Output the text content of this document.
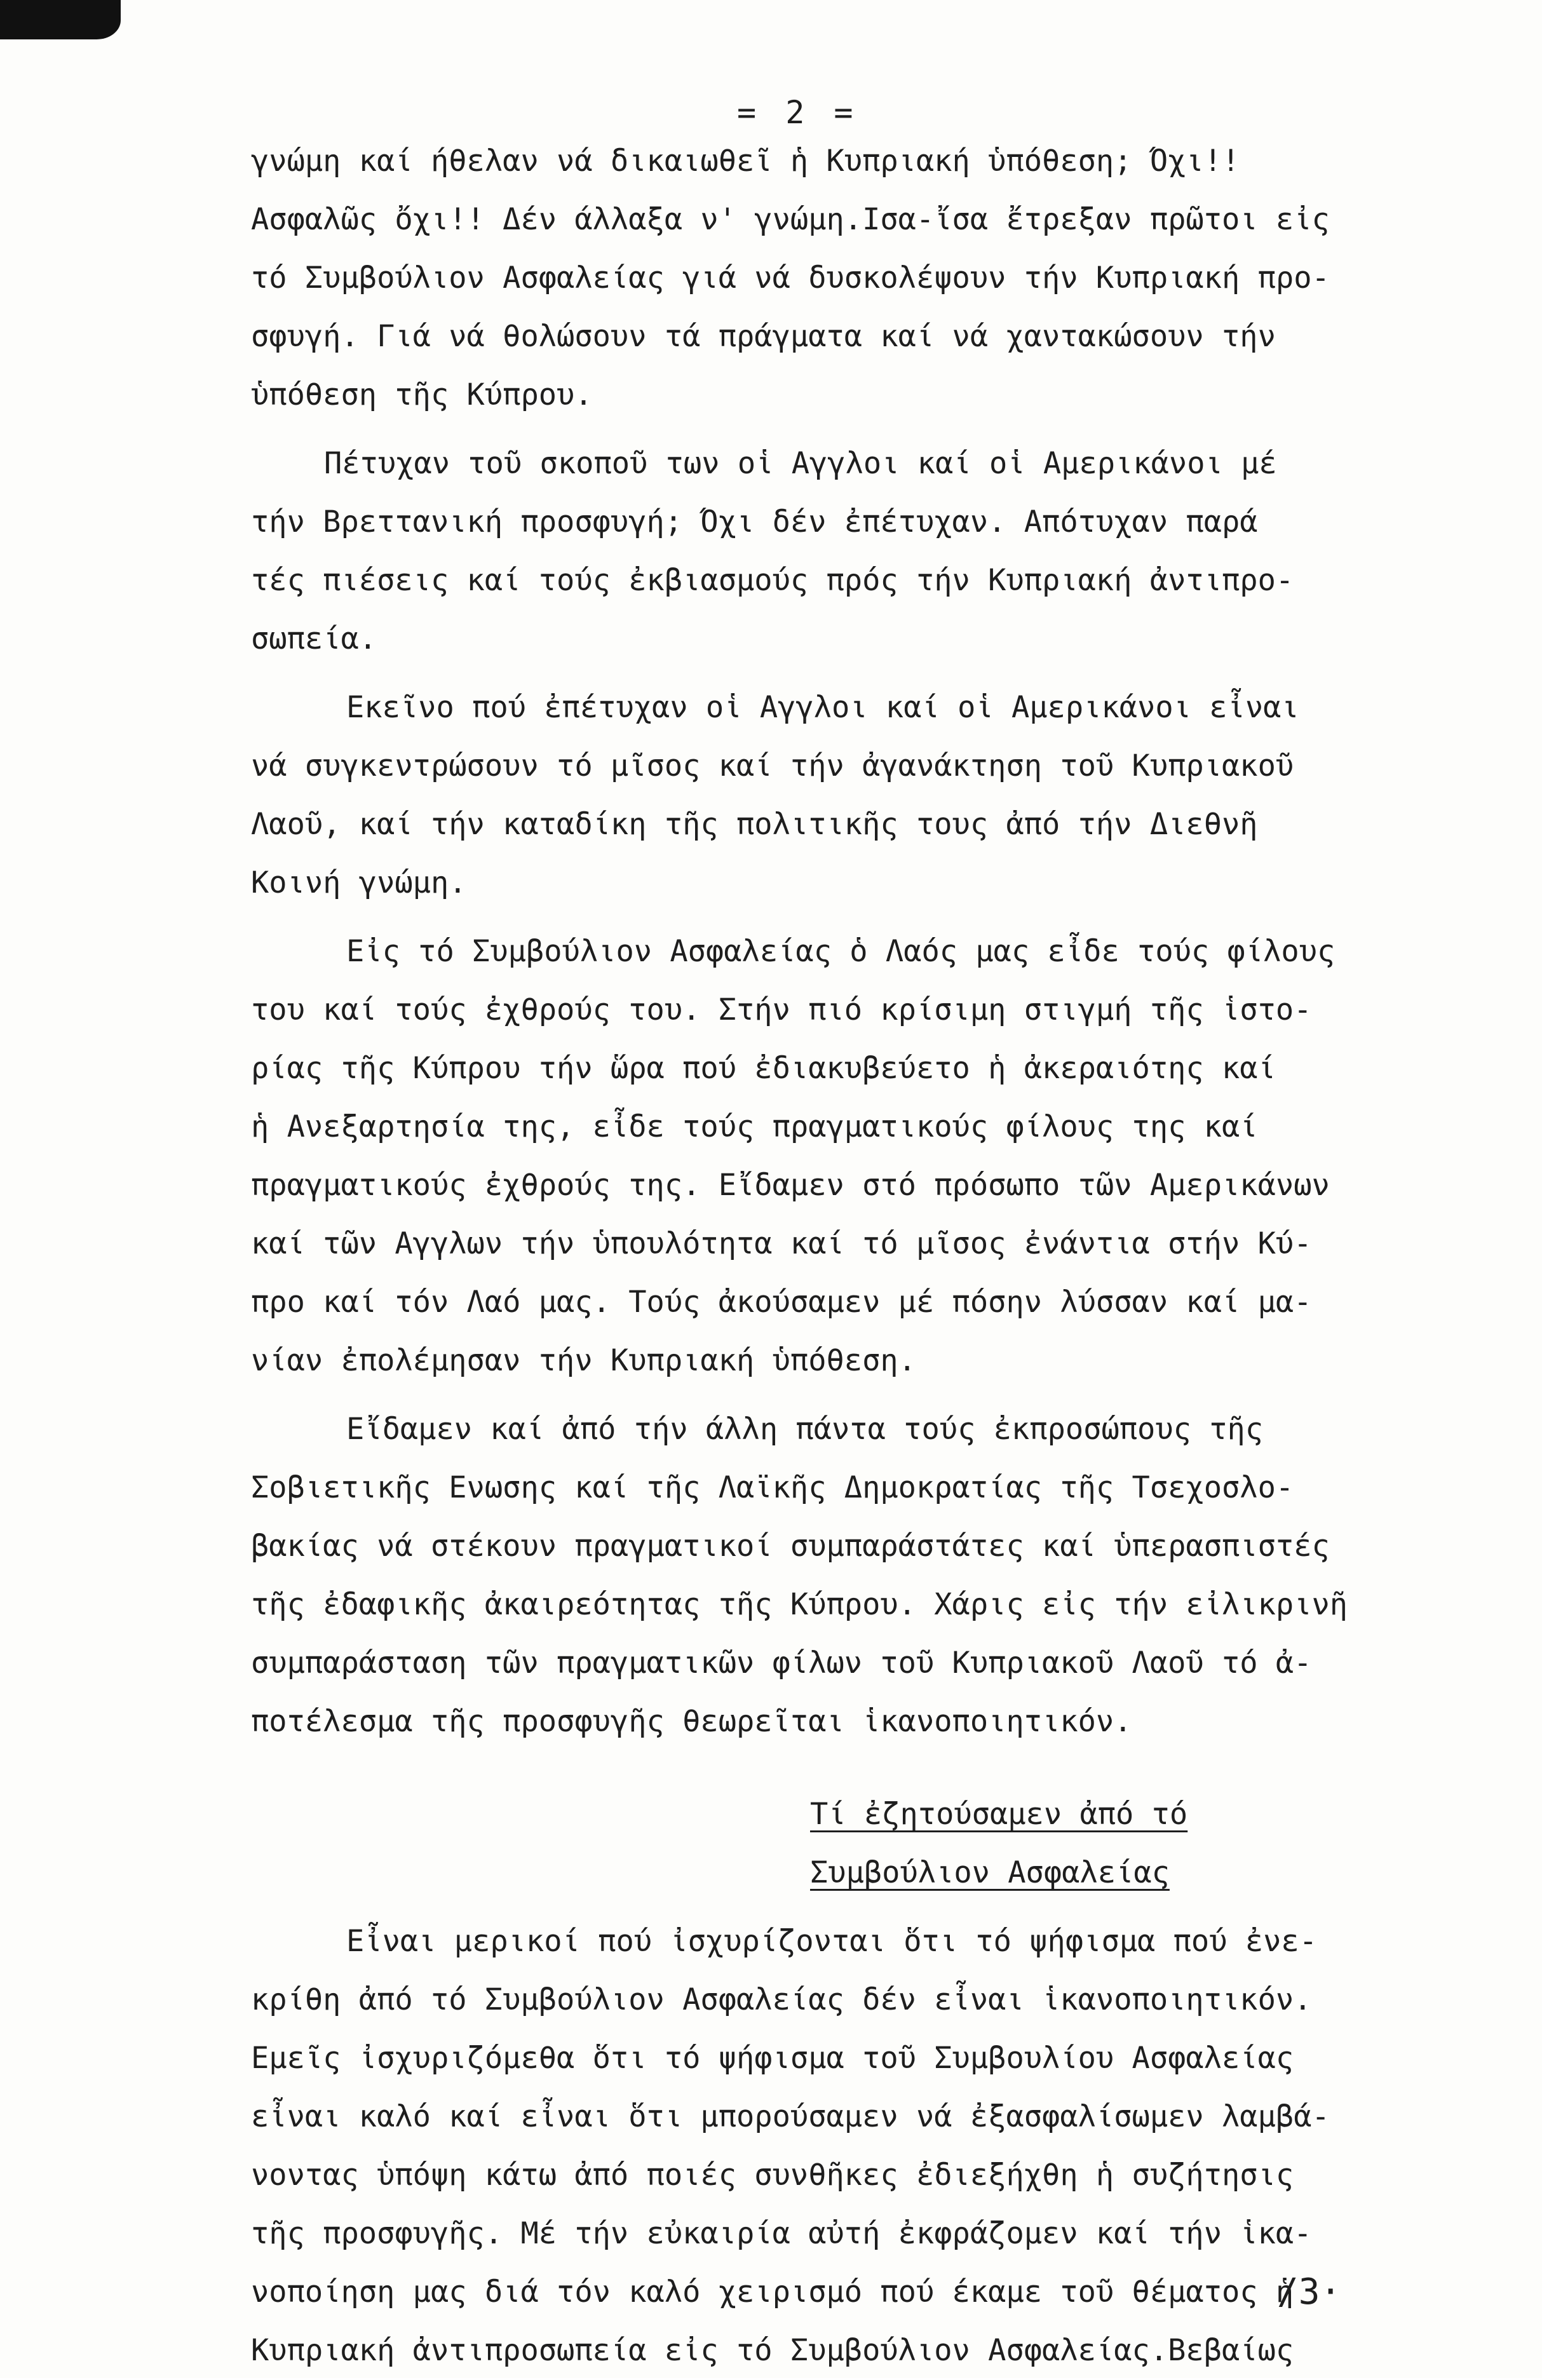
= 2 =
γνώμη καί ήθελαν νά δικαιωθεῖ ἡ Κυπριακή ὑπόθεση; Όχι!!
Ασφαλῶς ὄχι!! Δέν άλλαξα ν' γνώμη.Ισα-ἴσα ἔτρεξαν πρῶτοι εἰς
τό Συμβούλιον Ασφαλείας γιά νά δυσκολέψουν τήν Κυπριακή προ-
σφυγή. Γιά νά θολώσουν τά πράγματα καί νά χαντακώσουν τήν
ὑπόθεση τῆς Κύπρου.
Πέτυχαν τοῦ σκοποῦ των οἱ Αγγλοι καί οἱ Αμερικάνοι μέ
τήν Βρεττανική προσφυγή; Όχι δέν ἐπέτυχαν. Απότυχαν παρά
τές πιέσεις καί τούς ἐκβιασμούς πρός τήν Κυπριακή ἀντιπρο-
σωπεία.
Εκεῖνο πού ἐπέτυχαν οἱ Αγγλοι καί οἱ Αμερικάνοι εἶναι
νά συγκεντρώσουν τό μῖσος καί τήν ἀγανάκτηση τοῦ Κυπριακοῦ
Λαοῦ, καί τήν καταδίκη τῆς πολιτικῆς τους ἀπό τήν Διεθνῆ
Κοινή γνώμη.
Εἰς τό Συμβούλιον Ασφαλείας ὁ Λαός μας εἶδε τούς φίλους
του καί τούς ἐχθρούς του. Στήν πιό κρίσιμη στιγμή τῆς ἱστο-
ρίας τῆς Κύπρου τήν ὥρα πού ἐδιακυβεύετο ἡ ἀκεραιότης καί
ἡ Ανεξαρτησία της, εἶδε τούς πραγματικούς φίλους της καί
πραγματικούς ἐχθρούς της. Εἴδαμεν στό πρόσωπο τῶν Αμερικάνων
καί τῶν Αγγλων τήν ὑπουλότητα καί τό μῖσος ἐνάντια στήν Κύ-
προ καί τόν Λαό μας. Τούς ἀκούσαμεν μέ πόσην λύσσαν καί μα-
νίαν ἐπολέμησαν τήν Κυπριακή ὑπόθεση.
Εἴδαμεν καί ἀπό τήν άλλη πάντα τούς ἐκπροσώπους τῆς
Σοβιετικῆς Ενωσης καί τῆς Λαϊκῆς Δημοκρατίας τῆς Τσεχοσλο-
βακίας νά στέκουν πραγματικοί συμπαράστάτες καί ὑπερασπιστές
τῆς ἐδαφικῆς ἀκαιρεότητας τῆς Κύπρου. Χάρις εἰς τήν εἰλικρινῆ
συμπαράσταση τῶν πραγματικῶν φίλων τοῦ Κυπριακοῦ Λαοῦ τό ἀ-
ποτέλεσμα τῆς προσφυγῆς θεωρεῖται ἱκανοποιητικόν.
Τί ἐζητούσαμεν ἀπό τό
Συμβούλιον Ασφαλείας
Εἶναι μερικοί πού ἰσχυρίζονται ὅτι τό ψήφισμα πού ἐνε-
κρίθη ἀπό τό Συμβούλιον Ασφαλείας δέν εἶναι ἱκανοποιητικόν.
Εμεῖς ἰσχυριζόμεθα ὅτι τό ψήφισμα τοῦ Συμβουλίου Ασφαλείας
εἶναι καλό καί εἶναι ὅτι μπορούσαμεν νά ἐξασφαλίσωμεν λαμβά-
νοντας ὑπόψη κάτω ἀπό ποιές συνθῆκες ἐδιεξήχθη ἡ συζήτησις
τῆς προσφυγῆς. Μέ τήν εὐκαιρία αὐτή ἐκφράζομεν καί τήν ἱκα-
νοποίηση μας διά τόν καλό χειρισμό πού έκαμε τοῦ θέματος ἡ
Κυπριακή ἀντιπροσωπεία εἰς τό Συμβούλιον Ασφαλείας.Βεβαίως
/3·
